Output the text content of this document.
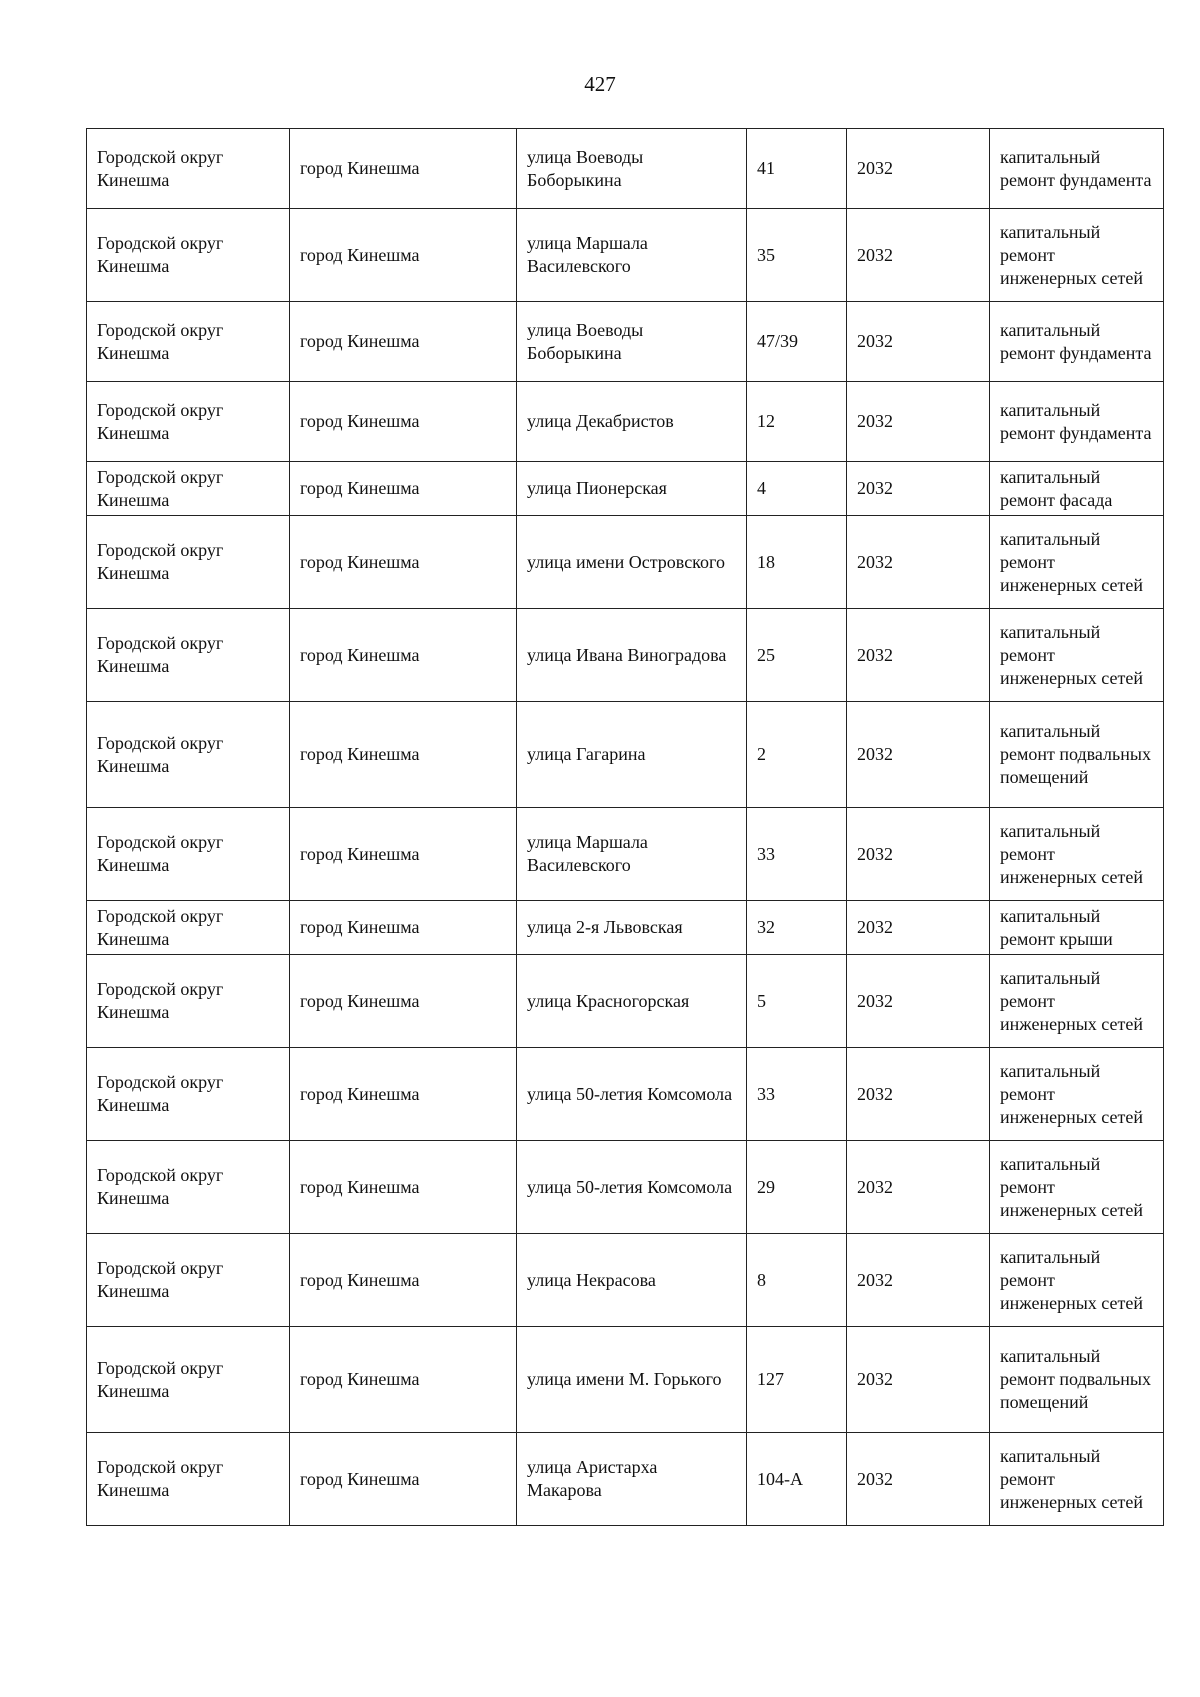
427
Городской округ Кинешма	город Кинешма	улица Воеводы Боборыкина	41	2032	капитальный ремонт фундамента
Городской округ Кинешма	город Кинешма	улица Маршала Василевского	35	2032	капитальный ремонт инженерных сетей
Городской округ Кинешма	город Кинешма	улица Воеводы Боборыкина	47/39	2032	капитальный ремонт фундамента
Городской округ Кинешма	город Кинешма	улица Декабристов	12	2032	капитальный ремонт фундамента
Городской округ Кинешма	город Кинешма	улица Пионерская	4	2032	капитальный ремонт фасада
Городской округ Кинешма	город Кинешма	улица имени Островского	18	2032	капитальный ремонт инженерных сетей
Городской округ Кинешма	город Кинешма	улица Ивана Виноградова	25	2032	капитальный ремонт инженерных сетей
Городской округ Кинешма	город Кинешма	улица Гагарина	2	2032	капитальный ремонт подвальных помещений
Городской округ Кинешма	город Кинешма	улица Маршала Василевского	33	2032	капитальный ремонт инженерных сетей
Городской округ Кинешма	город Кинешма	улица 2-я Львовская	32	2032	капитальный ремонт крыши
Городской округ Кинешма	город Кинешма	улица Красногорская	5	2032	капитальный ремонт инженерных сетей
Городской округ Кинешма	город Кинешма	улица 50-летия Комсомола	33	2032	капитальный ремонт инженерных сетей
Городской округ Кинешма	город Кинешма	улица 50-летия Комсомола	29	2032	капитальный ремонт инженерных сетей
Городской округ Кинешма	город Кинешма	улица Некрасова	8	2032	капитальный ремонт инженерных сетей
Городской округ Кинешма	город Кинешма	улица имени М. Горького	127	2032	капитальный ремонт подвальных помещений
Городской округ Кинешма	город Кинешма	улица Аристарха Макарова	104-А	2032	капитальный ремонт инженерных сетей
